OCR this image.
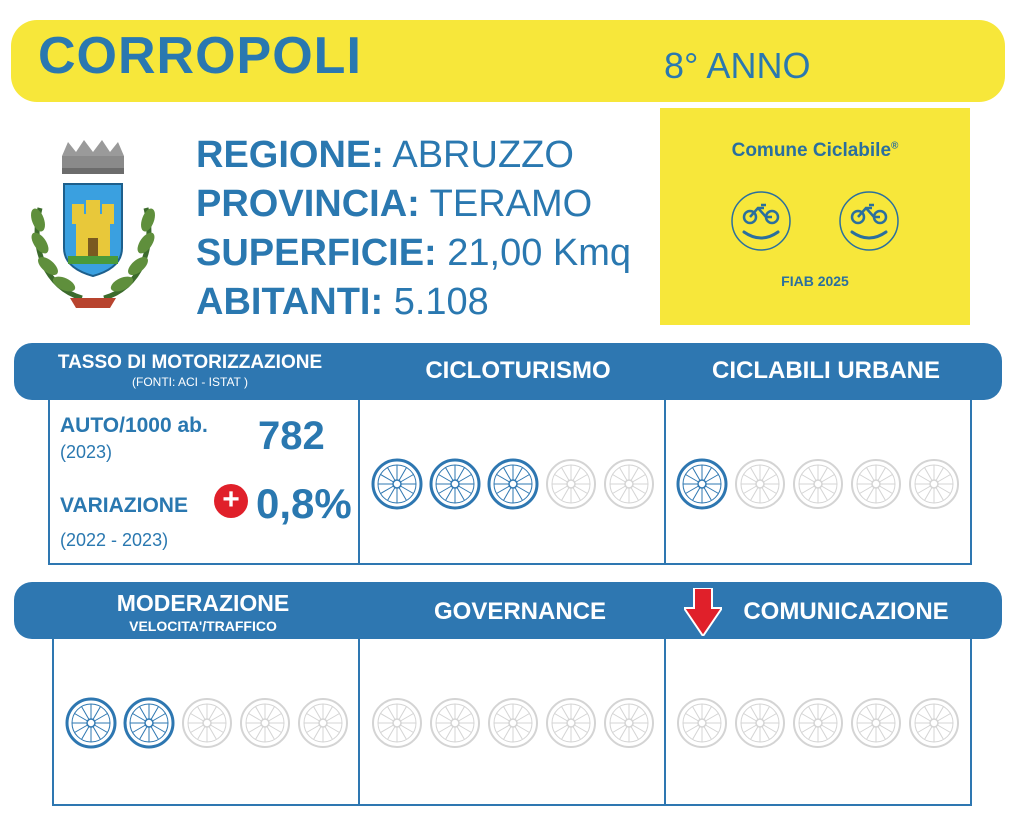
CORROPOLI	8° ANNO
REGIONE: ABRUZZO
PROVINCIA: TERAMO
SUPERFICIE: 21,00 Kmq
ABITANTI: 5.108
Comune Ciclabile®
FIAB 2025
TASSO DI MOTORIZZAZIONE
(FONTI: ACI - ISTAT )	CICLOTURISMO	CICLABILI URBANE
AUTO/1000 ab.
(2023)	782
VARIAZIONE + 0,8%
(2022 - 2023)
MODERAZIONE
VELOCITA'/TRAFFICO
GOVERNANCE	COMUNICAZIONE
